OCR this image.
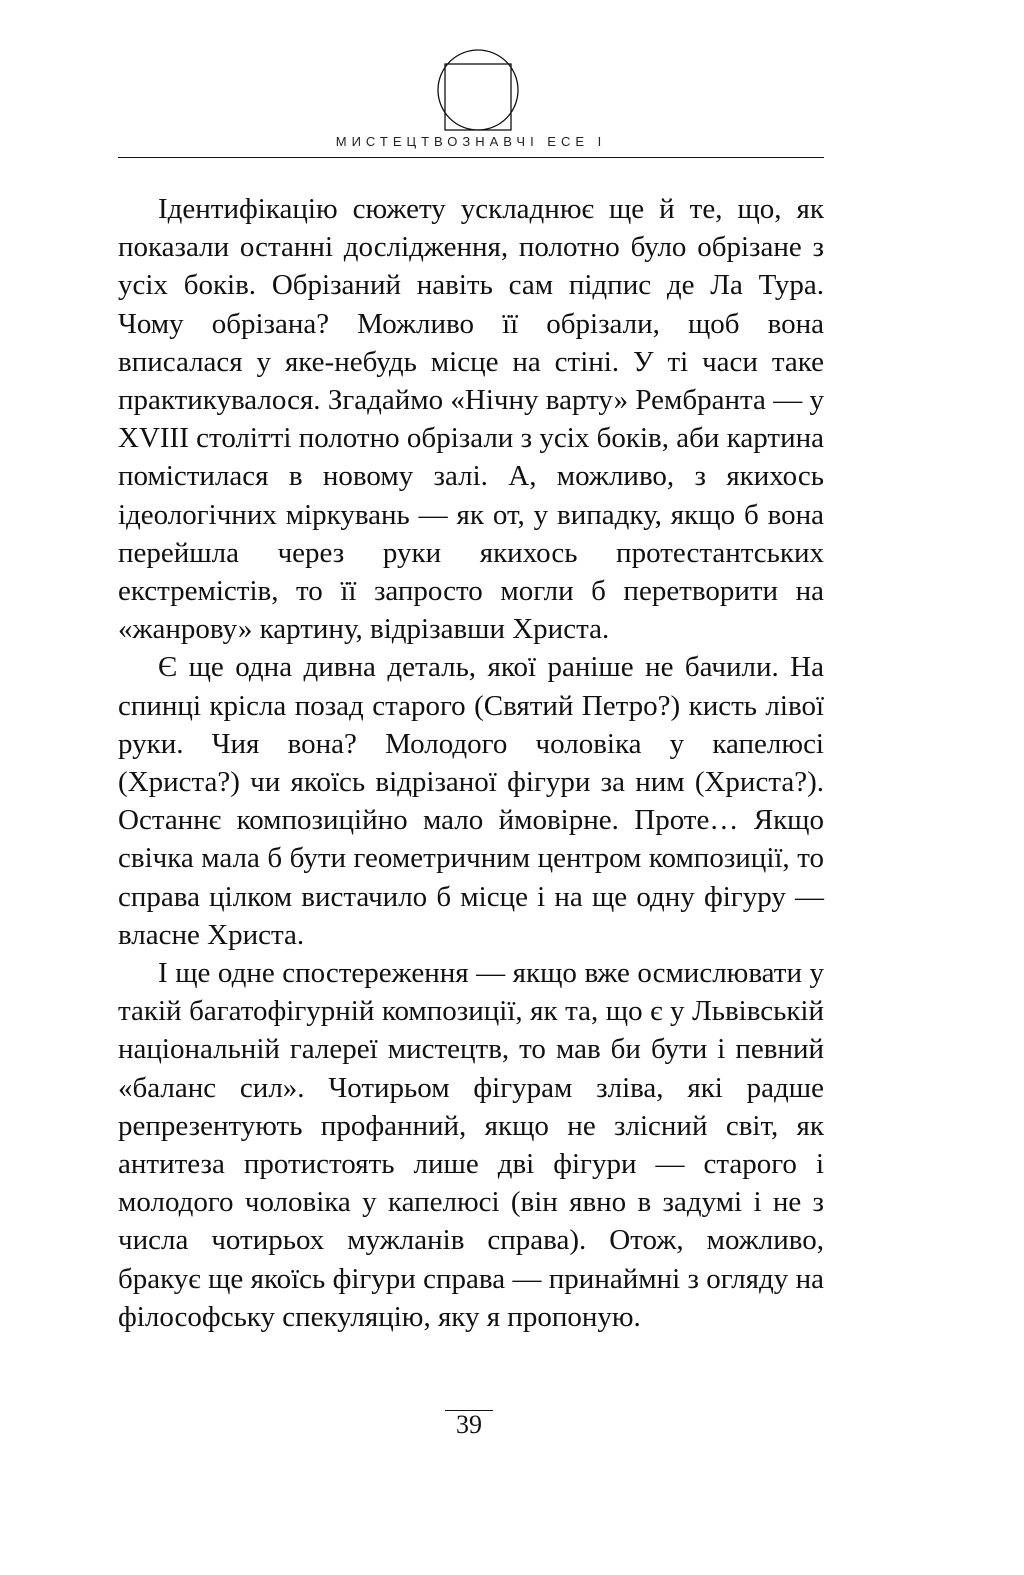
МИСТЕЦТВОЗНАВЧІ ЕСЕ І

Ідентифікацію сюжету ускладнює ще й те, що, як показали останні дослідження, полотно було обрізане з усіх боків. Обрізаний навіть сам підпис де Ла Тура. Чому обрізана? Можливо її обрізали, щоб вона вписалася у яке-небудь місце на стіні. У ті часи таке практикувалося. Згадаймо «Нічну варту» Рембранта — у XVIII столітті полотно обрізали з усіх боків, аби картина помістилася в новому залі. А, можливо, з якихось ідеологічних міркувань — як от, у випадку, якщо б вона перейшла через руки якихось протестантських екстремістів, то її запросто могли б перетворити на «жанрову» картину, відрізавши Христа.

Є ще одна дивна деталь, якої раніше не бачили. На спинці крісла позад старого (Святий Петро?) кисть лівої руки. Чия вона? Молодого чоловіка у капелюсі (Христа?) чи якоїсь відрізаної фігури за ним (Христа?). Останнє композиційно мало ймовірне. Проте… Якщо свічка мала б бути геометричним центром композиції, то справа цілком вистачило б місце і на ще одну фігуру — власне Христа.

І ще одне спостереження — якщо вже осмислювати у такій багатофігурній композиції, як та, що є у Львівській національній галереї мистецтв, то мав би бути і певний «баланс сил». Чотирьом фігурам зліва, які радше репрезентують профанний, якщо не злісний світ, як антитеза протистоять лише дві фігури — старого і молодого чоловіка у капелюсі (він явно в задумі і не з числа чотирьох мужланів справа). Отож, можливо, бракує ще якоїсь фігури справа — принаймні з огляду на філософську спекуляцію, яку я пропоную.

39
